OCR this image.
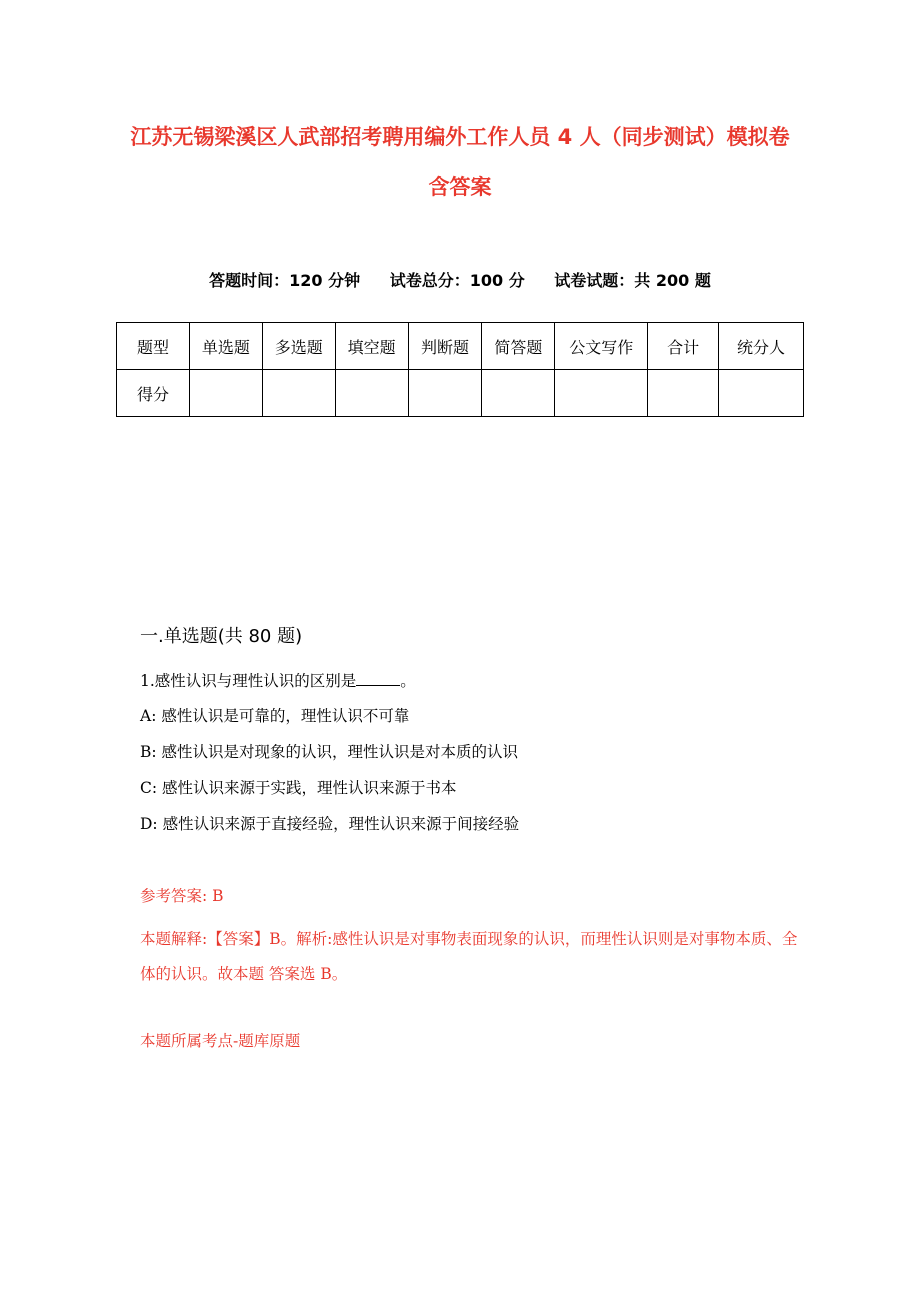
江苏无锡梁溪区人武部招考聘用编外工作人员 4 人（同步测试）模拟卷含答案
答题时间：120 分钟 试卷总分：100 分 试卷试题：共 200 题
题型	单选题	多选题	填空题	判断题	简答题	公文写作	合计	统分人
得分								
一.单选题(共 80 题)
1.感性认识与理性认识的区别是	。
A: 感性认识是可靠的，理性认识不可靠
B: 感性认识是对现象的认识，理性认识是对本质的认识
C: 感性认识来源于实践，理性认识来源于书本
D: 感性认识来源于直接经验，理性认识来源于间接经验
参考答案: B
本题解释:【答案】B。解析:感性认识是对事物表面现象的认识，而理性认识则是对事物本质、全体的认识。故本题 答案选 B。
本题所属考点-题库原题
